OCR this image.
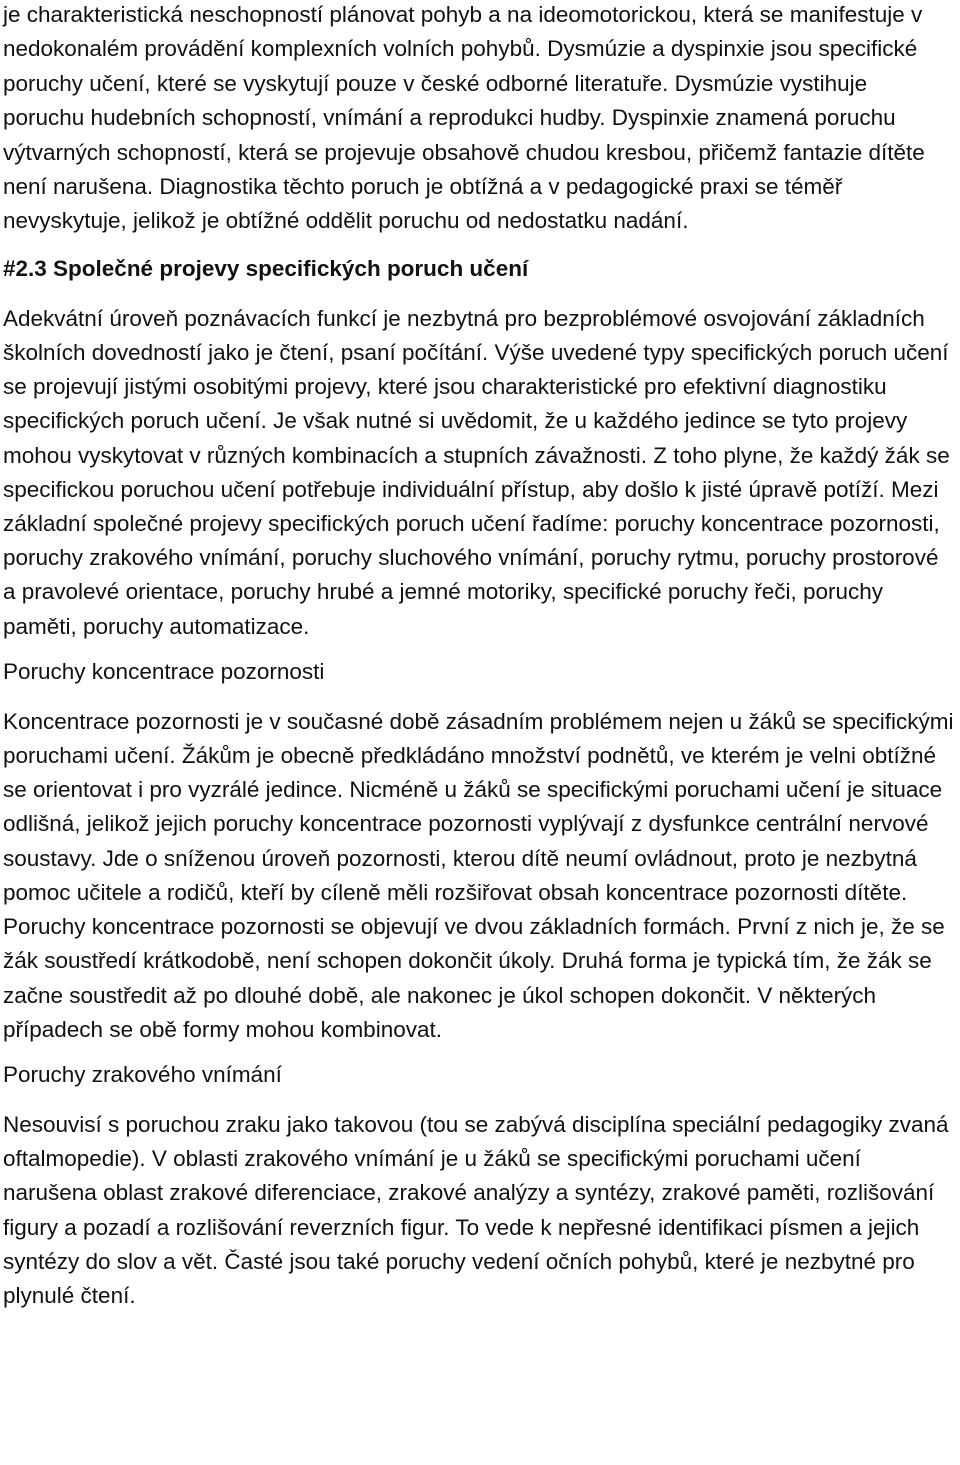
je charakteristická neschopností plánovat pohyb a na ideomotorickou, která se manifestuje v nedokonalém provádění komplexních volních pohybů. Dysmúzie a dyspinxie jsou specifické poruchy učení, které se vyskytují pouze v české odborné literatuře. Dysmúzie vystihuje poruchu hudebních schopností, vnímání a reprodukci hudby. Dyspinxie znamená poruchu výtvarných schopností, která se projevuje obsahově chudou kresbou, přičemž fantazie dítěte není narušena. Diagnostika těchto poruch je obtížná a v pedagogické praxi se téměř nevyskytuje, jelikož je obtížné oddělit poruchu od nedostatku nadání.

#2.3 Společné projevy specifických poruch učení

Adekvátní úroveň poznávacích funkcí je nezbytná pro bezproblémové osvojování základních školních dovedností jako je čtení, psaní počítání. Výše uvedené typy specifických poruch učení se projevují jistými osobitými projevy, které jsou charakteristické pro efektivní diagnostiku specifických poruch učení. Je však nutné si uvědomit, že u každého jedince se tyto projevy mohou vyskytovat v různých kombinacích a stupních závažnosti. Z toho plyne, že každý žák se specifickou poruchou učení potřebuje individuální přístup, aby došlo k jisté úpravě potíží. Mezi základní společné projevy specifických poruch učení řadíme: poruchy koncentrace pozornosti, poruchy zrakového vnímání, poruchy sluchového vnímání, poruchy rytmu, poruchy prostorové a pravolevé orientace, poruchy hrubé a jemné motoriky, specifické poruchy řeči, poruchy paměti, poruchy automatizace.

Poruchy koncentrace pozornosti

Koncentrace pozornosti je v současné době zásadním problémem nejen u žáků se specifickými poruchami učení. Žákům je obecně předkládáno množství podnětů, ve kterém je velni obtížné se orientovat i pro vyzrálé jedince. Nicméně u žáků se specifickými poruchami učení je situace odlišná, jelikož jejich poruchy koncentrace pozornosti vyplývají z dysfunkce centrální nervové soustavy. Jde o sníženou úroveň pozornosti, kterou dítě neumí ovládnout, proto je nezbytná pomoc učitele a rodičů, kteří by cíleně měli rozšiřovat obsah koncentrace pozornosti dítěte. Poruchy koncentrace pozornosti se objevují ve dvou základních formách. První z nich je, že se žák soustředí krátkodobě, není schopen dokončit úkoly. Druhá forma je typická tím, že žák se začne soustředit až po dlouhé době, ale nakonec je úkol schopen dokončit. V některých případech se obě formy mohou kombinovat.

Poruchy zrakového vnímání

Nesouvisí s poruchou zraku jako takovou (tou se zabývá disciplína speciální pedagogiky zvaná oftalmopedie). V oblasti zrakového vnímání je u žáků se specifickými poruchami učení narušena oblast zrakové diferenciace, zrakové analýzy a syntézy, zrakové paměti, rozlišování figury a pozadí a rozlišování reverzních figur. To vede k nepřesné identifikaci písmen a jejich syntézy do slov a vět. Časté jsou také poruchy vedení očních pohybů, které je nezbytné pro plynulé čtení.
